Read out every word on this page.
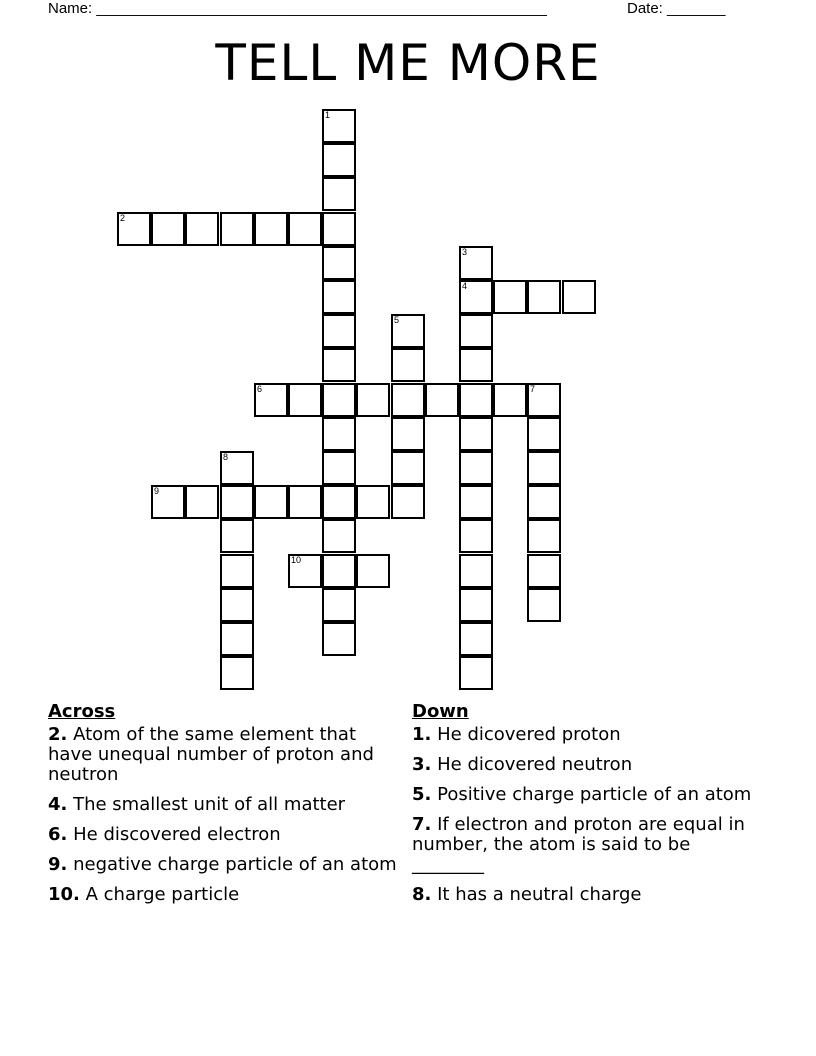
Name: ______________________________________________________	Date: _______
TELL ME MORE
1
2
3
4
5
6	7
8
9
10
Across
2. Atom of the same element that have unequal number of proton and neutron
4. The smallest unit of all matter
6. He discovered electron
9. negative charge particle of an atom
10. A charge particle
Down
1. He dicovered proton
3. He dicovered neutron
5. Positive charge particle of an atom
7. If electron and proton are equal in number, the atom is said to be ________
8. It has a neutral charge
